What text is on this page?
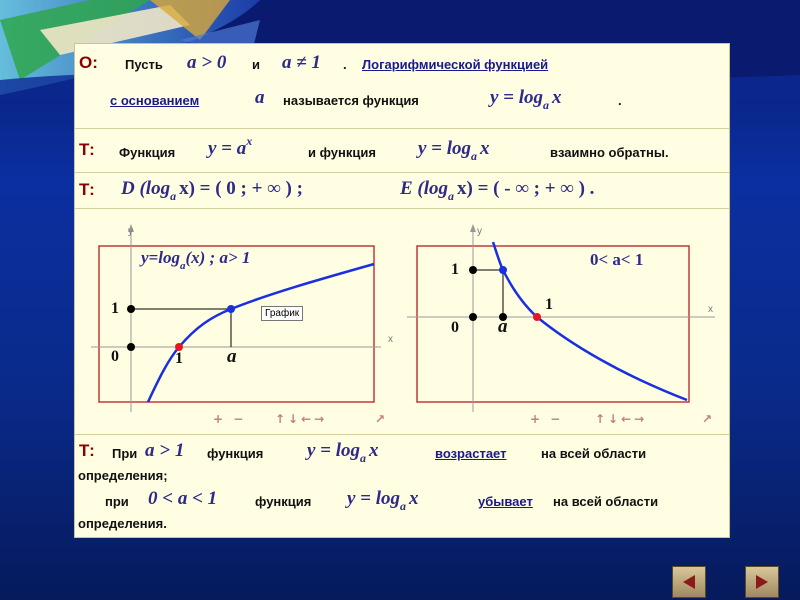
О: Пусть a > 0 и a ≠ 1 . Логарифмической функцией
с основанием	a называется функция	y = loga x	.
Т: Функция y = ax
и функция y = loga x	взаимно обратны.
Т: D (loga x) = ( 0 ; + ∞ ) ;	E (loga x) = ( - ∞ ; + ∞ ) .
y
x
$y=\log_a(x)$ ; a> 1
1
0	1 a
График
+ − ↑↓←→	↗
y
x
0< a< 1
1
0
1
a
+ −	↑↓←→	↗
Т: При a > 1 функция y = loga x	возрастает	на всей области
определения;
при 0 < a < 1	функция y = loga x	убывает на всей области
определения.
